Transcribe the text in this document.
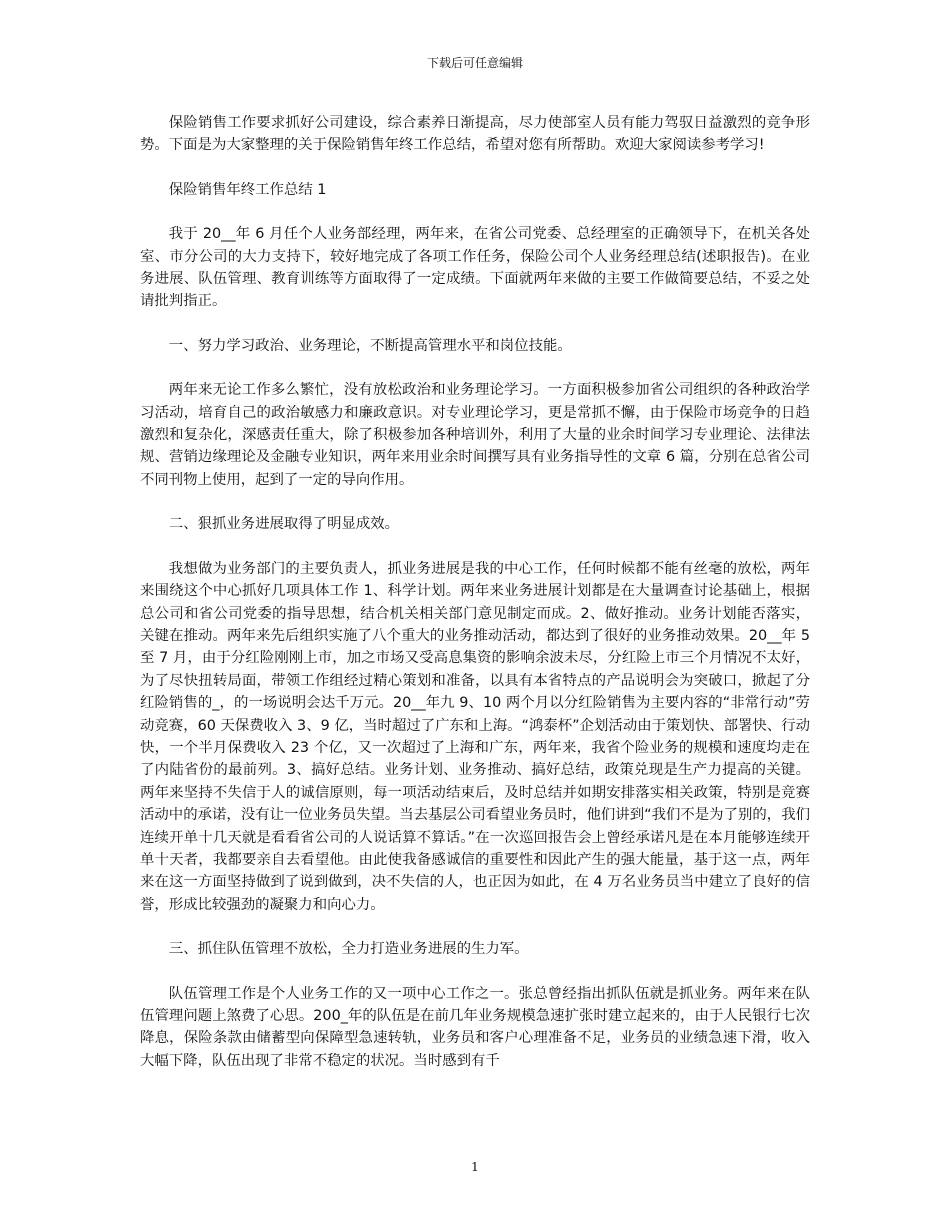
下载后可任意编辑

保险销售工作要求抓好公司建设，综合素养日渐提高，尽力使部室人员有能力驾驭日益激烈的竞争形势。下面是为大家整理的关于保险销售年终工作总结，希望对您有所帮助。欢迎大家阅读参考学习!

保险销售年终工作总结 1

我于 20__年 6 月任个人业务部经理，两年来，在省公司党委、总经理室的正确领导下，在机关各处室、市分公司的大力支持下，较好地完成了各项工作任务，保险公司个人业务经理总结(述职报告)。在业务进展、队伍管理、教育训练等方面取得了一定成绩。下面就两年来做的主要工作做简要总结，不妥之处请批判指正。

一、努力学习政治、业务理论，不断提高管理水平和岗位技能。

两年来无论工作多么繁忙，没有放松政治和业务理论学习。一方面积极参加省公司组织的各种政治学习活动，培育自己的政治敏感力和廉政意识。对专业理论学习，更是常抓不懈，由于保险市场竞争的日趋激烈和复杂化，深感责任重大，除了积极参加各种培训外，利用了大量的业余时间学习专业理论、法律法规、营销边缘理论及金融专业知识，两年来用业余时间撰写具有业务指导性的文章 6 篇，分别在总省公司不同刊物上使用，起到了一定的导向作用。

二、狠抓业务进展取得了明显成效。

我想做为业务部门的主要负责人，抓业务进展是我的中心工作，任何时候都不能有丝毫的放松，两年来围绕这个中心抓好几项具体工作 1、科学计划。两年来业务进展计划都是在大量调查讨论基础上，根据总公司和省公司党委的指导思想，结合机关相关部门意见制定而成。2、做好推动。业务计划能否落实，关键在推动。两年来先后组织实施了八个重大的业务推动活动，都达到了很好的业务推动效果。20__年 5 至 7 月，由于分红险刚刚上市，加之市场又受高息集资的影响余波未尽，分红险上市三个月情况不太好，为了尽快扭转局面，带领工作组经过精心策划和准备，以具有本省特点的产品说明会为突破口，掀起了分红险销售的_，的一场说明会达千万元。20__年九 9、10 两个月以分红险销售为主要内容的“非常行动”劳动竞赛，60 天保费收入 3、9 亿，当时超过了广东和上海。“鸿泰杯”企划活动由于策划快、部署快、行动快，一个半月保费收入 23 个亿，又一次超过了上海和广东，两年来，我省个险业务的规模和速度均走在了内陆省份的最前列。3、搞好总结。业务计划、业务推动、搞好总结，政策兑现是生产力提高的关键。两年来坚持不失信于人的诚信原则，每一项活动结束后，及时总结并如期安排落实相关政策，特别是竞赛活动中的承诺，没有让一位业务员失望。当去基层公司看望业务员时，他们讲到“我们不是为了别的，我们连续开单十几天就是看看省公司的人说话算不算话。”在一次巡回报告会上曾经承诺凡是在本月能够连续开单十天者，我都要亲自去看望他。由此使我备感诚信的重要性和因此产生的强大能量，基于这一点，两年来在这一方面坚持做到了说到做到，决不失信的人，也正因为如此，在 4 万名业务员当中建立了良好的信誉，形成比较强劲的凝聚力和向心力。

三、抓住队伍管理不放松，全力打造业务进展的生力军。

队伍管理工作是个人业务工作的又一项中心工作之一。张总曾经指出抓队伍就是抓业务。两年来在队伍管理问题上煞费了心思。200_年的队伍是在前几年业务规模急速扩张时建立起来的，由于人民银行七次降息，保险条款由储蓄型向保障型急速转轨，业务员和客户心理准备不足，业务员的业绩急速下滑，收入大幅下降，队伍出现了非常不稳定的状况。当时感到有千

1
